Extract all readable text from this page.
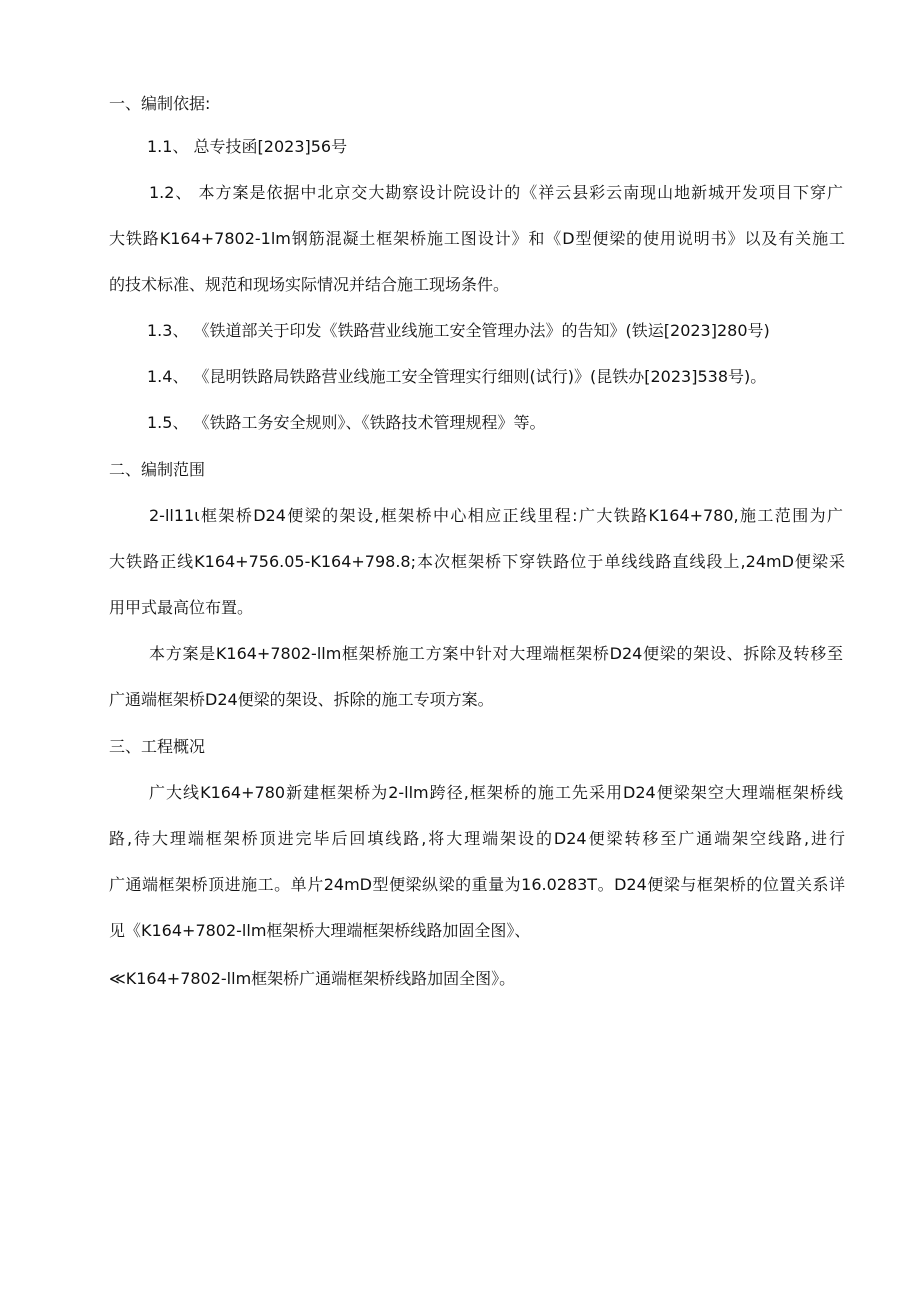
一、编制依据:
1.1、 总专技函[2023]56号
1.2、 本方案是依据中北京交大勘察设计院设计的《祥云县彩云南现山地新城开发项目下穿广
大铁路K164+7802-1lm钢筋混凝土框架桥施工图设计》和《D型便梁的使用说明书》以及有关施工
的技术标准、规范和现场实际情况并结合施工现场条件。
1.3、 《铁道部关于印发《铁路营业线施工安全管理办法》的告知》(铁运[2023]280号)
1.4、 《昆明铁路局铁路营业线施工安全管理实行细则(试行)》(昆铁办[2023]538号)。
1.5、 《铁路工务安全规则》、《铁路技术管理规程》等。
二、编制范围
2-ll11ι框架桥D24便梁的架设,框架桥中心相应正线里程:广大铁路K164+780,施工范围为广
大铁路正线K164+756.05-K164+798.8;本次框架桥下穿铁路位于单线线路直线段上,24mD便梁采
用甲式最高位布置。
本方案是K164+7802-llm框架桥施工方案中针对大理端框架桥D24便梁的架设、拆除及转移至
广通端框架桥D24便梁的架设、拆除的施工专项方案。
三、工程概况
广大线K164+780新建框架桥为2-llm跨径,框架桥的施工先采用D24便梁架空大理端框架桥线
路,待大理端框架桥顶进完毕后回填线路,将大理端架设的D24便梁转移至广通端架空线路,进行
广通端框架桥顶进施工。单片24mD型便梁纵梁的重量为16.0283T。D24便梁与框架桥的位置关系详
见《K164+7802-llm框架桥大理端框架桥线路加固全图》、
≪K164+7802-llm框架桥广通端框架桥线路加固全图》。
